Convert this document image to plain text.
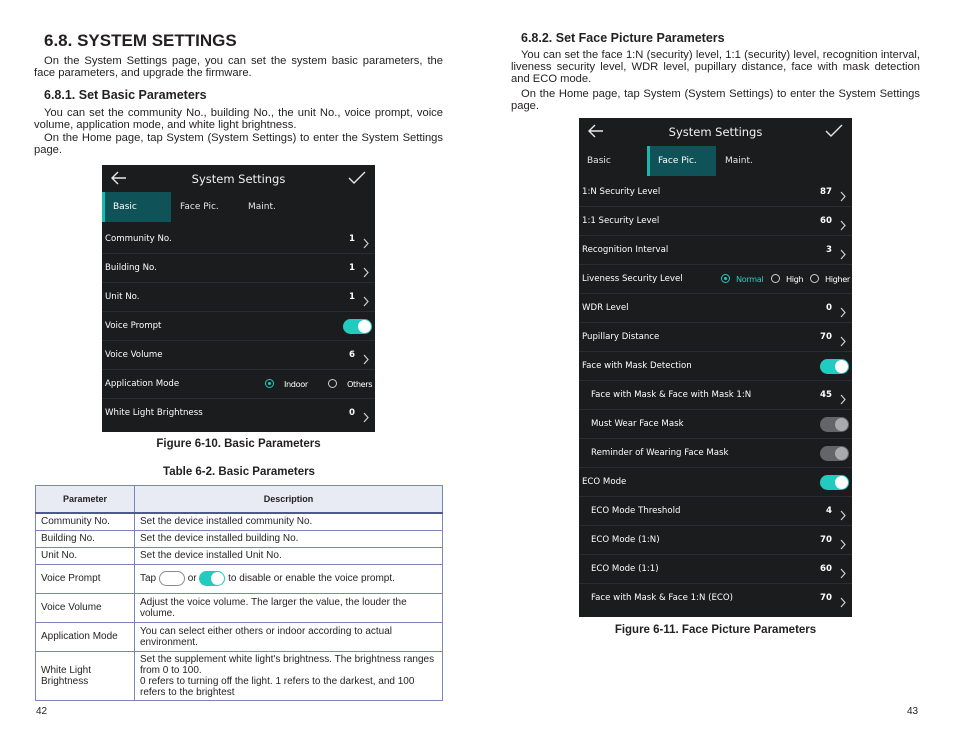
6.8. SYSTEM SETTINGS

On the System Settings page, you can set the system basic parameters, the face parameters, and upgrade the firmware.

6.8.1. Set Basic Parameters

You can set the community No., building No., the unit No., voice prompt, voice volume, application mode, and white light brightness.

On the Home page, tap System (System Settings) to enter the System Settings page.

System Settings
Basic	Face Pic.	Maint.
Community No.	1
Building No.	1
Unit No.	1
Voice Prompt
Voice Volume	6
Application Mode	Indoor	Others
White Light Brightness	0
Figure 6-10. Basic Parameters
Table 6-2. Basic Parameters
Parameter	Description
Community No.	Set the device installed community No.
Building No.	Set the device installed building No.
Unit No.	Set the device installed Unit No.
Voice Prompt	Tap or to disable or enable the voice prompt.
Voice Volume	Adjust the voice volume. The larger the value, the louder the volume.
Application Mode	You can select either others or indoor according to actual environment.
White Light Brightness	Set the supplement white light's brightness. The brightness ranges from 0 to 100.
0 refers to turning off the light. 1 refers to the darkest, and 100 refers to the brightest
42
6.8.2. Set Face Picture Parameters

You can set the face 1:N (security) level, 1:1 (security) level, recognition interval, liveness security level, WDR level, pupillary distance, face with mask detection and ECO mode.

On the Home page, tap System (System Settings) to enter the System Settings page.

System Settings
Basic	Face Pic.	Maint.
1:N Security Level	87
1:1 Security Level	60
Recognition Interval	3
Liveness Security Level	Normal	High	Higher
WDR Level	0
Pupillary Distance	70
Face with Mask Detection
Face with Mask & Face with Mask 1:N	45
Must Wear Face Mask
Reminder of Wearing Face Mask
ECO Mode
ECO Mode Threshold	4
ECO Mode (1:N)	70
ECO Mode (1:1)	60
Face with Mask & Face 1:N (ECO)	70
Figure 6-11. Face Picture Parameters
43
